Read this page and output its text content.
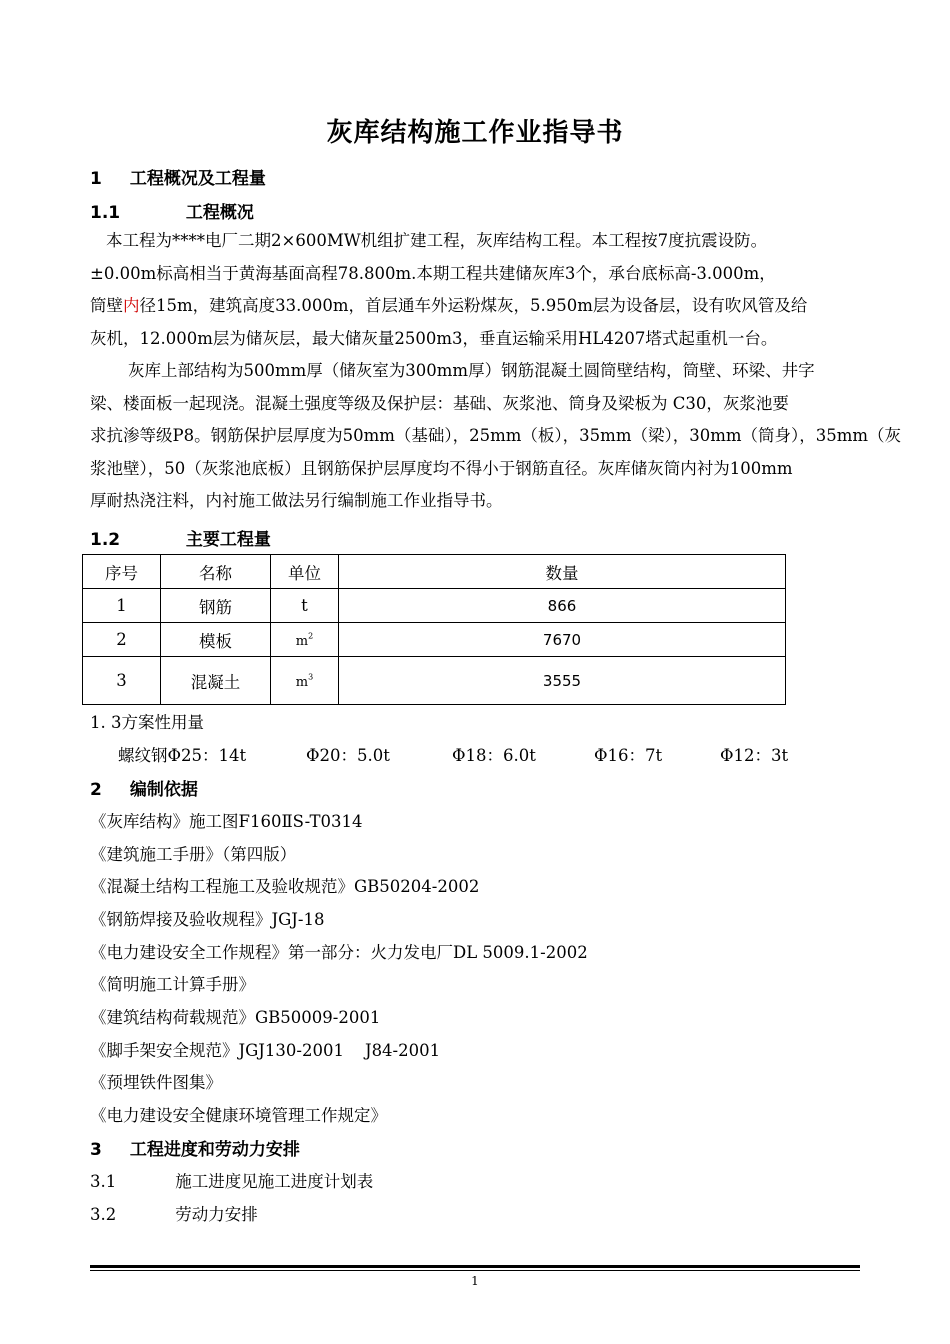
灰库结构施工作业指导书
1 工程概况及工程量
1.1	工程概况
本工程为****电厂二期2×600MW机组扩建工程，灰库结构工程。本工程按7度抗震设防。
±0.00m标高相当于黄海基面高程78.800m.本期工程共建储灰库3个，承台底标高-3.000m，
筒壁内径15m，建筑高度33.000m，首层通车外运粉煤灰，5.950m层为设备层，设有吹风管及给
灰机，12.000m层为储灰层，最大储灰量2500m3，垂直运输采用HL4207塔式起重机一台。
灰库上部结构为500mm厚（储灰室为300mm厚）钢筋混凝土圆筒壁结构，筒壁、环梁、井字
梁、楼面板一起现浇。混凝土强度等级及保护层：基础、灰浆池、筒身及梁板为 C30，灰浆池要
求抗渗等级P8。钢筋保护层厚度为50mm（基础），25mm（板），35mm（梁），30mm（筒身），35mm（灰
浆池壁），50（灰浆池底板）且钢筋保护层厚度均不得小于钢筋直径。灰库储灰筒内衬为100mm
厚耐热浇注料，内衬施工做法另行编制施工作业指导书。
1.2	主要工程量
序号	名称	单位	数量
1	钢筋	t	866
2	模板	$m^2$	7670
3	混凝土	$m^3$	3555
1. 3方案性用量
螺纹钢Φ25：14t	Φ20：5.0t	Φ18：6.0t	Φ16：7t	Φ12：3t
2 编制依据
《灰库结构》施工图F160ⅡS-T0314
《建筑施工手册》（第四版）
《混凝土结构工程施工及验收规范》GB50204-2002
《钢筋焊接及验收规程》JGJ-18
《电力建设安全工作规程》第一部分：火力发电厂DL 5009.1-2002
《简明施工计算手册》
《建筑结构荷载规范》GB50009-2001
《脚手架安全规范》JGJ130-2001    J84-2001
《预埋铁件图集》
《电力建设安全健康环境管理工作规定》
3 工程进度和劳动力安排
3.1	施工进度见施工进度计划表
3.2	劳动力安排
1
